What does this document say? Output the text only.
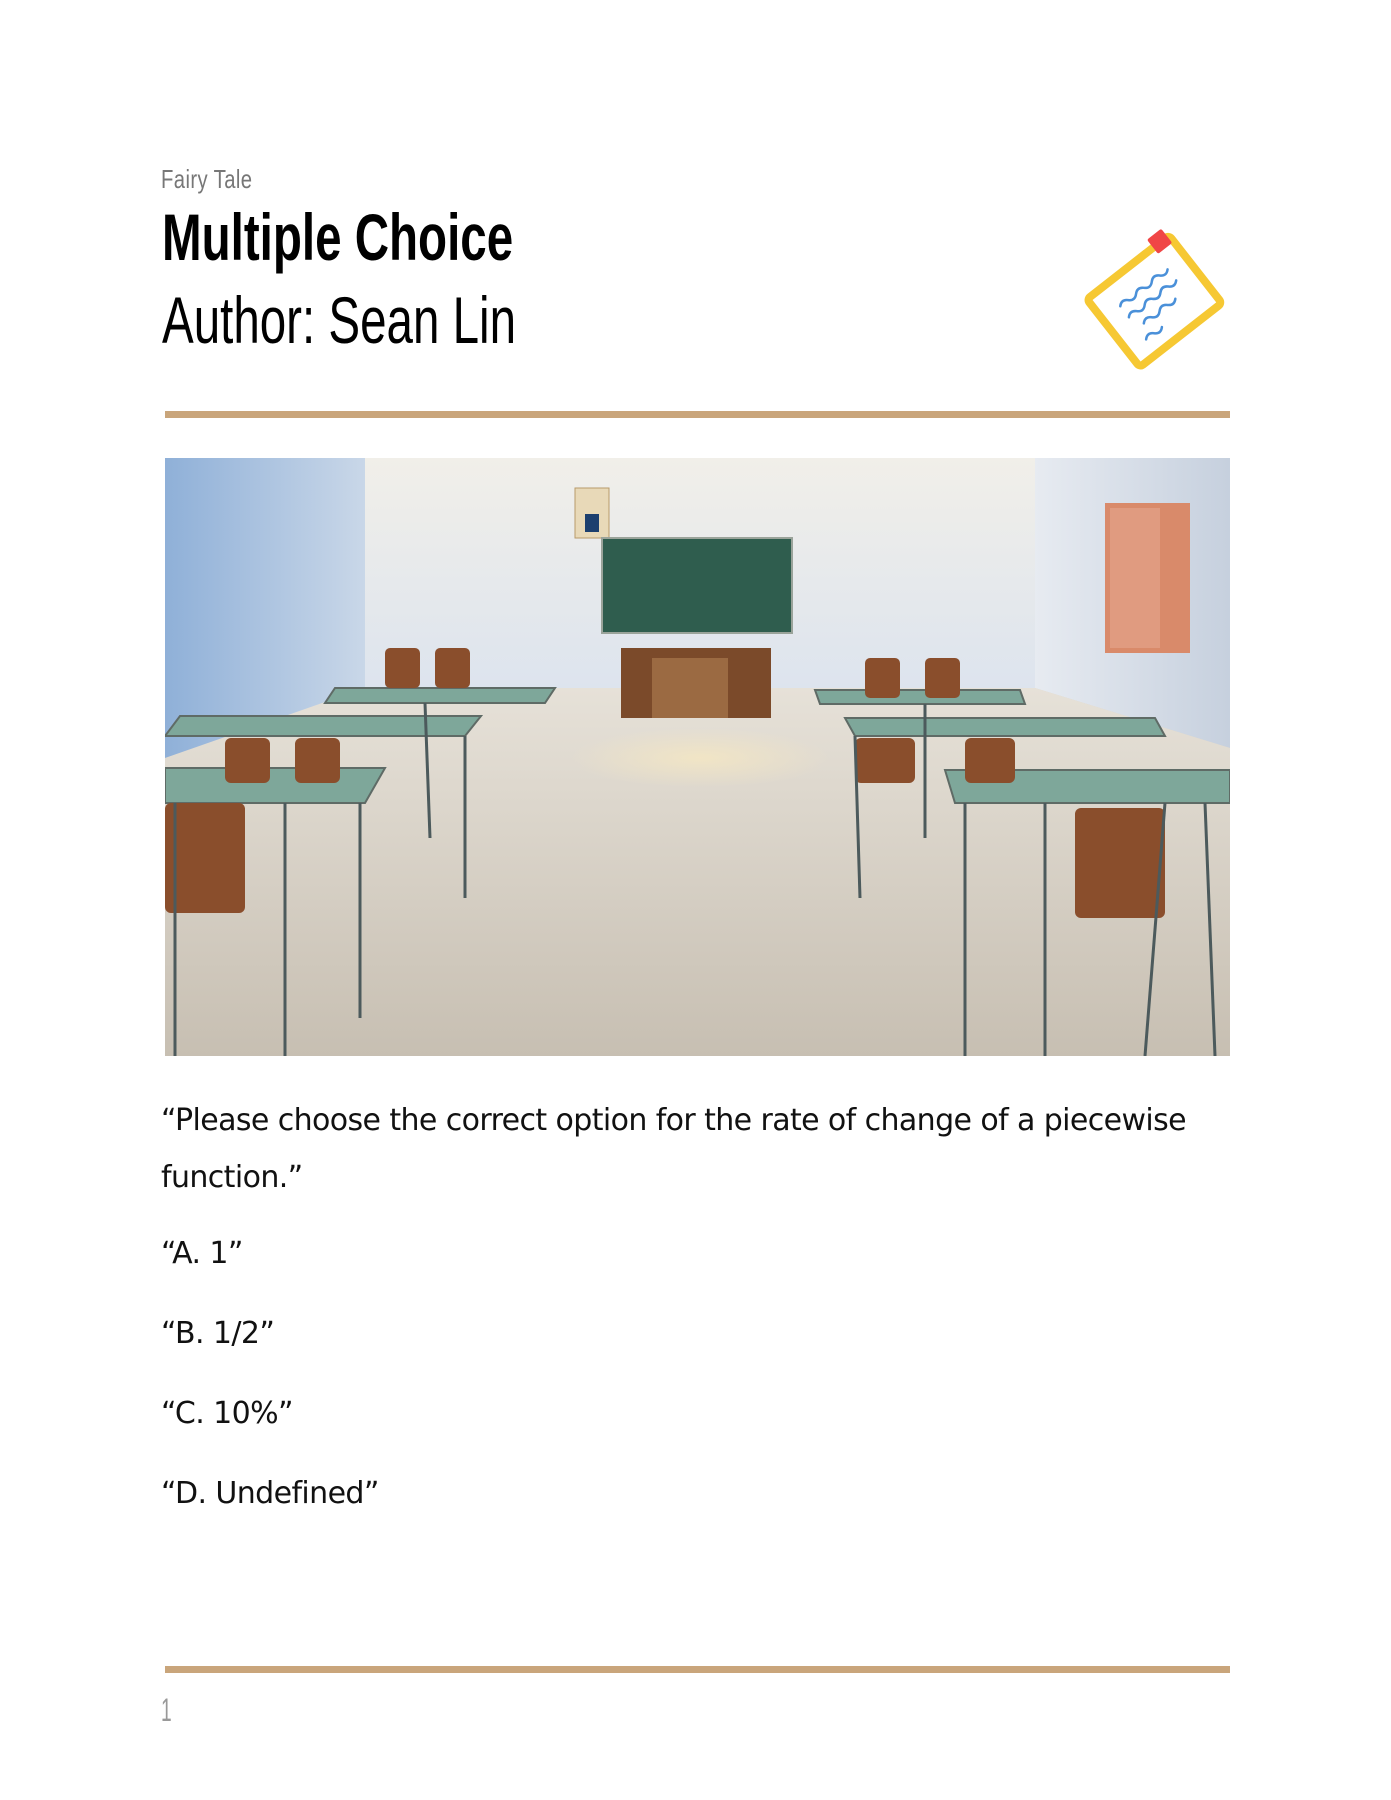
Fairy Tale
Multiple Choice
Author: Sean Lin
“Please choose the correct option for the rate of change of a piecewise function.”
“A. 1”
“B. 1/2”
“C. 10%”
“D. Undefined”
1
